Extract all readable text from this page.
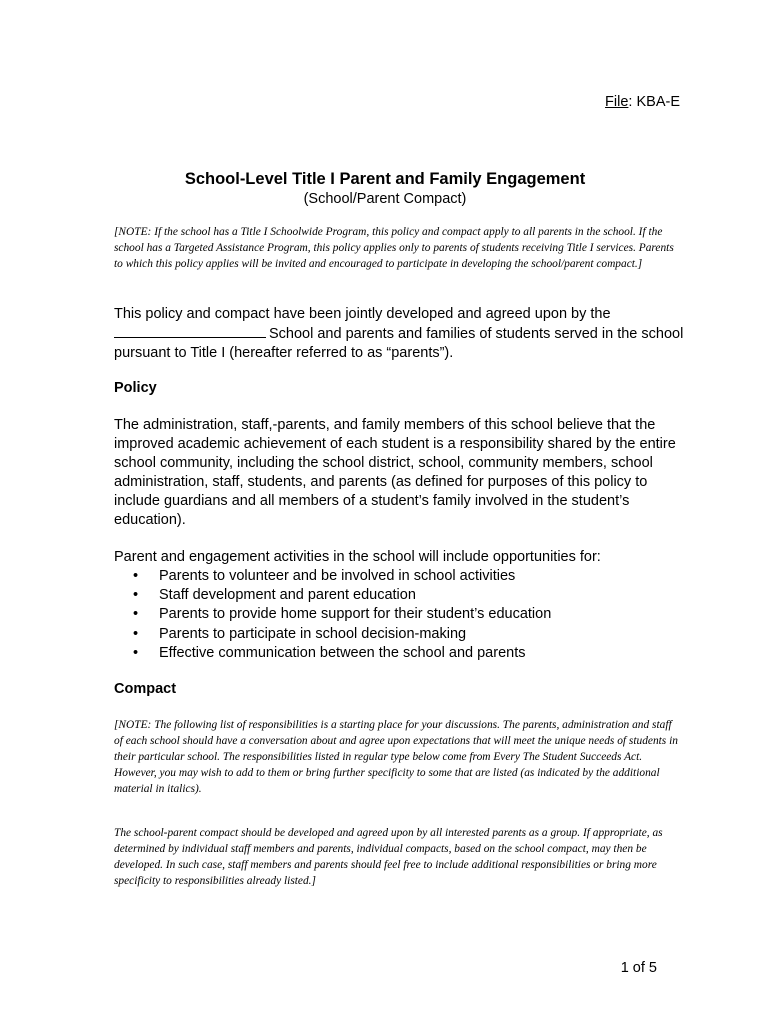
File: KBA-E
School-Level Title I Parent and Family Engagement
(School/Parent Compact)
[NOTE: If the school has a Title I Schoolwide Program, this policy and compact apply to all parents in the school. If the school has a Targeted Assistance Program, this policy applies only to parents of students receiving Title I services. Parents to which this policy applies will be invited and encouraged to participate in developing the school/parent compact.]
This policy and compact have been jointly developed and agreed upon by the
School and parents and families of students served in the school pursuant to Title I (hereafter referred to as “parents”).
Policy
The administration, staff,-parents, and family members of this school believe that the improved academic achievement of each student is a responsibility shared by the entire school community, including the school district, school, community members, school administration, staff, students, and parents (as defined for purposes of this policy to include guardians and all members of a student’s family involved in the student’s education).
Parent and engagement activities in the school will include opportunities for:
• Parents to volunteer and be involved in school activities
• Staff development and parent education
• Parents to provide home support for their student’s education
• Parents to participate in school decision-making
• Effective communication between the school and parents
Compact
[NOTE: The following list of responsibilities is a starting place for your discussions. The parents, administration and staff of each school should have a conversation about and agree upon expectations that will meet the unique needs of students in their particular school. The responsibilities listed in regular type below come from Every The Student Succeeds Act. However, you may wish to add to them or bring further specificity to some that are listed (as indicated by the additional material in italics).
The school-parent compact should be developed and agreed upon by all interested parents as a group. If appropriate, as determined by individual staff members and parents, individual compacts, based on the school compact, may then be developed. In such case, staff members and parents should feel free to include additional responsibilities or bring more specificity to responsibilities already listed.]
1 of 5
